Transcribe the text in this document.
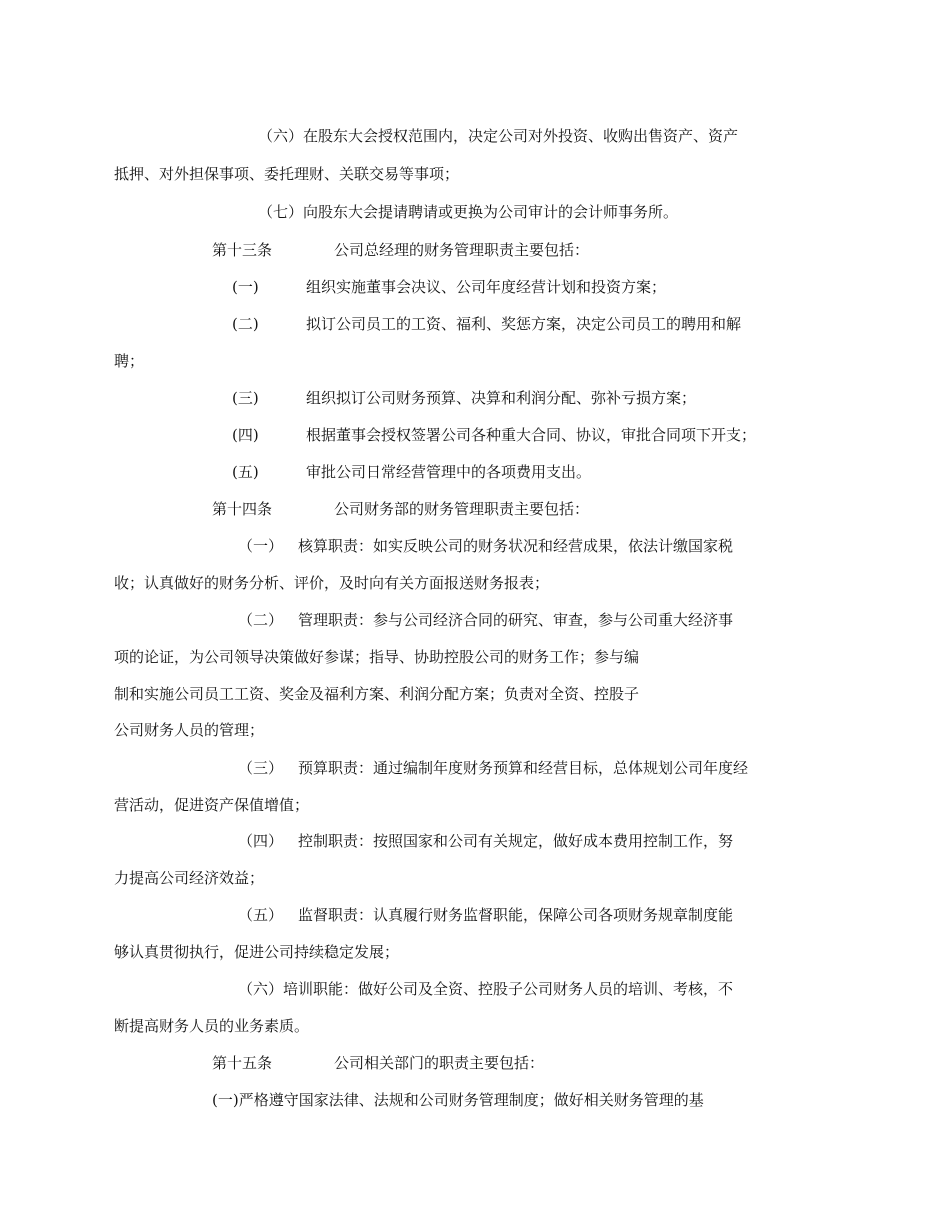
（六）在股东大会授权范围内，决定公司对外投资、收购出售资产、资产
抵押、对外担保事项、委托理财、关联交易等事项；
（七）向股东大会提请聘请或更换为公司审计的会计师事务所。
第十三条	公司总经理的财务管理职责主要包括：
(一)	组织实施董事会决议、公司年度经营计划和投资方案；
(二)	拟订公司员工的工资、福利、奖惩方案，决定公司员工的聘用和解
聘；
(三)	组织拟订公司财务预算、决算和利润分配、弥补亏损方案；
(四)	根据董事会授权签署公司各种重大合同、协议，审批合同项下开支；
(五)	审批公司日常经营管理中的各项费用支出。
第十四条	公司财务部的财务管理职责主要包括：
（一） 核算职责：如实反映公司的财务状况和经营成果，依法计缴国家税
收；认真做好的财务分析、评价，及时向有关方面报送财务报表；
（二） 管理职责：参与公司经济合同的研究、审查，参与公司重大经济事
项的论证，为公司领导决策做好参谋；指导、协助控股公司的财务工作；参与编
制和实施公司员工工资、奖金及福利方案、利润分配方案；负责对全资、控股子
公司财务人员的管理；
（三） 预算职责：通过编制年度财务预算和经营目标，总体规划公司年度经
营活动，促进资产保值增值；
（四） 控制职责：按照国家和公司有关规定，做好成本费用控制工作，努
力提高公司经济效益；
（五） 监督职责：认真履行财务监督职能，保障公司各项财务规章制度能
够认真贯彻执行，促进公司持续稳定发展；
（六）培训职能：做好公司及全资、控股子公司财务人员的培训、考核，不
断提高财务人员的业务素质。
第十五条	公司相关部门的职责主要包括：
(一)严格遵守国家法律、法规和公司财务管理制度；做好相关财务管理的基
